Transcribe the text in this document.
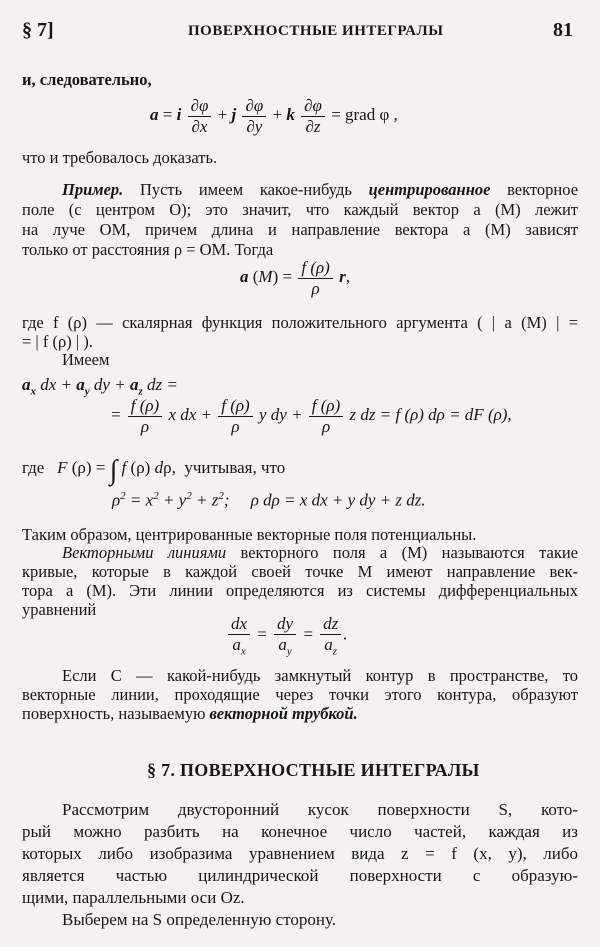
§ 7]	ПОВЕРХНОСТНЫЕ ИНТЕГРАЛЫ	81
и, следовательно,
a = i $\frac{\partial\varphi}{\partial x} + j \frac{\partial\varphi}{\partial y} + k \frac{\partial\varphi}{\partial z}$ = grad φ ,
что и требовалось доказать.
Пример. Пусть имеем какое-нибудь центрированное векторное
поле (с центром O); это значит, что каждый вектор a (M) лежит
на луче OM, причем длина и направление вектора a (M) зависят
только от расстояния ρ = OM. Тогда
a $(M) = \frac{f (\rho)}{\rho} r$,
где f (ρ) — скалярная функция положительного аргумента ( | a (M) | =
= | f (ρ) | ).
Имеем
$a_x$ dx + $a_y$ dy + $a_z$ dz =
= $\frac{f (\rho)}{\rho}$ x dx + $\frac{f (\rho)}{\rho}$ y dy + $\frac{f (\rho)}{\rho}$ z dz = f (ρ) dρ = dF (ρ),
где F (ρ) = ∫ f (ρ) dρ,  учитывая, что
$\rho^2 = x^2 + y^2 + z^2$;     ρ dρ = x dx + y dy + z dz.
Таким образом, центрированные векторные поля потенциальны.
Векторными линиями векторного поля a (M) называются такие
кривые, которые в каждой своей точке M имеют направление век-
тора a (M). Эти линии определяются из системы дифференциальных
уравнений
$\frac{dx}{a_x} = \frac{dy}{a_y} = \frac{dz}{a_z}$ .
Если C — какой-нибудь замкнутый контур в пространстве, то
векторные линии, проходящие через точки этого контура, образуют
поверхность, называемую векторной трубкой.
§ 7. ПОВЕРХНОСТНЫЕ ИНТЕГРАЛЫ
Рассмотрим двусторонний кусок поверхности S, кото-
рый можно разбить на конечное число частей, каждая из
которых либо изобразима уравнением вида z = f (x, y), либо
является частью цилиндрической поверхности с образую-
щими, параллельными оси Oz.
Выберем на S определенную сторону.
